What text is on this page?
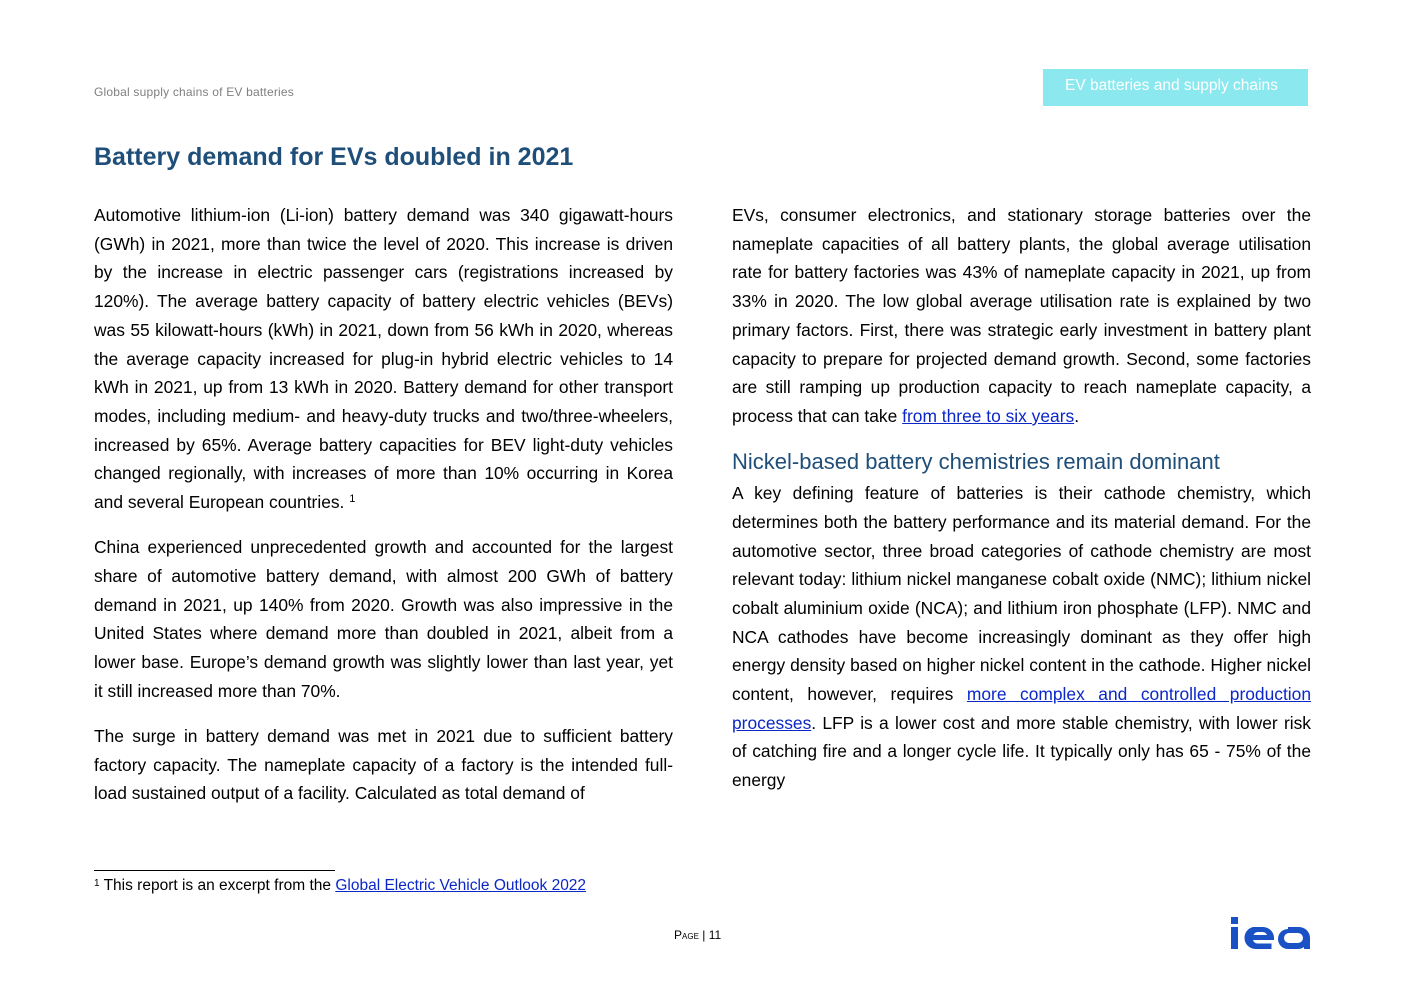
Global supply chains of EV batteries	EV batteries and supply chains
Battery demand for EVs doubled in 2021

Automotive lithium-ion (Li-ion) battery demand was 340 gigawatt-hours (GWh) in 2021, more than twice the level of 2020. This increase is driven by the increase in electric passenger cars (registrations increased by 120%). The average battery capacity of battery electric vehicles (BEVs) was 55 kilowatt-hours (kWh) in 2021, down from 56 kWh in 2020, whereas the average capacity increased for plug-in hybrid electric vehicles to 14 kWh in 2021, up from 13 kWh in 2020. Battery demand for other transport modes, including medium- and heavy-duty trucks and two/three-wheelers, increased by 65%. Average battery capacities for BEV light-duty vehicles changed regionally, with increases of more than 10% occurring in Korea and several European countries. $^1$

China experienced unprecedented growth and accounted for the largest share of automotive battery demand, with almost 200 GWh of battery demand in 2021, up 140% from 2020. Growth was also impressive in the United States where demand more than doubled in 2021, albeit from a lower base. Europe’s demand growth was slightly lower than last year, yet it still increased more than 70%.

The surge in battery demand was met in 2021 due to sufficient battery factory capacity. The nameplate capacity of a factory is the intended full-load sustained output of a facility. Calculated as total demand of

EVs, consumer electronics, and stationary storage batteries over the nameplate capacities of all battery plants, the global average utilisation rate for battery factories was 43% of nameplate capacity in 2021, up from 33% in 2020. The low global average utilisation rate is explained by two primary factors. First, there was strategic early investment in battery plant capacity to prepare for projected demand growth. Second, some factories are still ramping up production capacity to reach nameplate capacity, a process that can take from three to six years.

Nickel-based battery chemistries remain dominant

A key defining feature of batteries is their cathode chemistry, which determines both the battery performance and its material demand. For the automotive sector, three broad categories of cathode chemistry are most relevant today: lithium nickel manganese cobalt oxide (NMC); lithium nickel cobalt aluminium oxide (NCA); and lithium iron phosphate (LFP). NMC and NCA cathodes have become increasingly dominant as they offer high energy density based on higher nickel content in the cathode. Higher nickel content, however, requires more complex and controlled production processes. LFP is a lower cost and more stable chemistry, with lower risk of catching fire and a longer cycle life. It typically only has 65 - 75% of the energy

$^1$ This report is an excerpt from the Global Electric Vehicle Outlook 2022
Page | 11
